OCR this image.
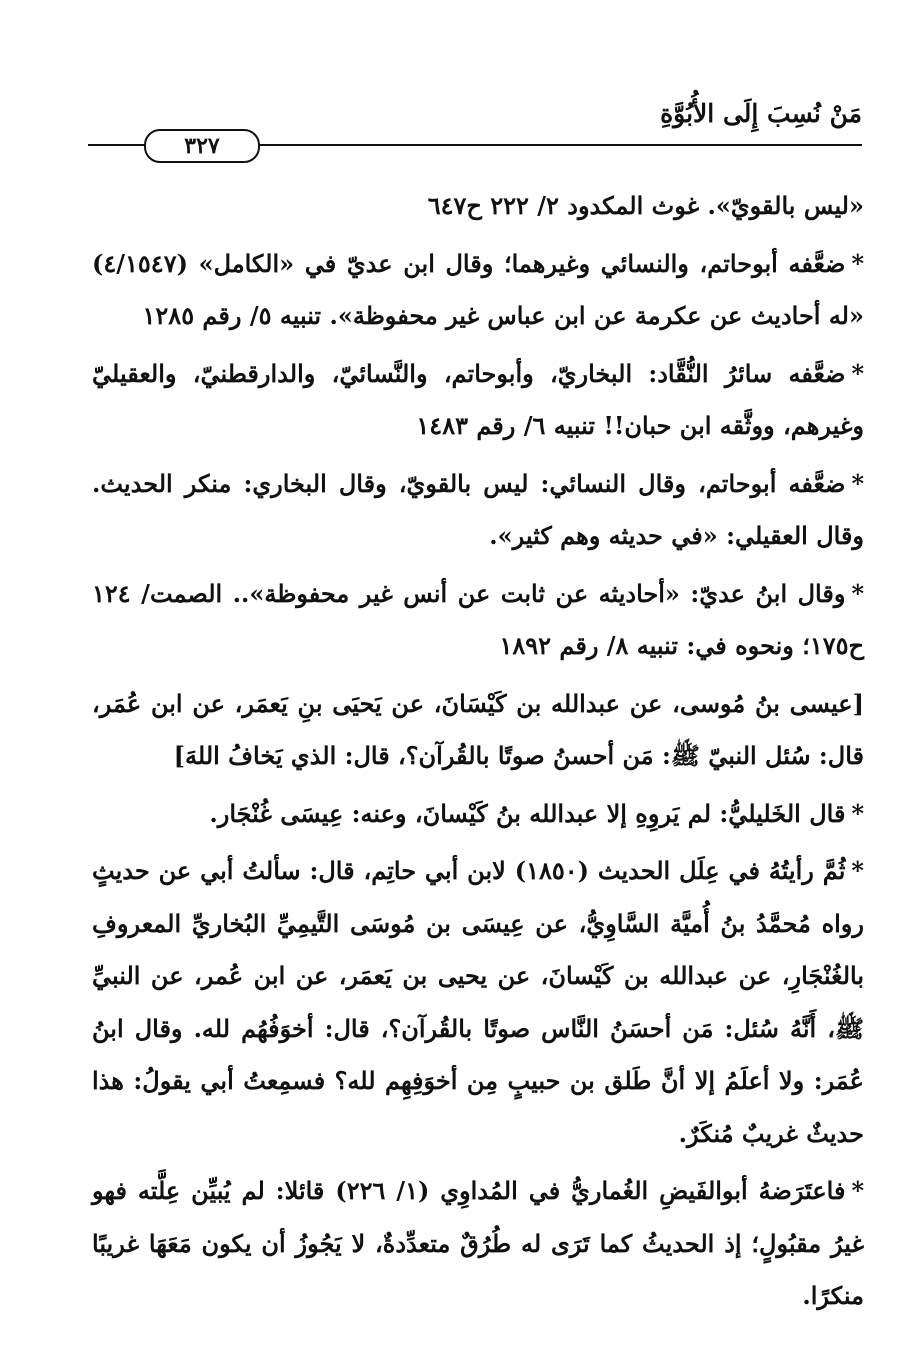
مَنْ نُسِبَ إِلَى الأُبُوَّةِ
٣٢٧

«ليس بالقويّ». غوث المكدود ٢/ ٢٢٢ ح٦٤٧

*ضعَّفه أبوحاتم، والنسائي وغيرهما؛ وقال ابن عديّ في «الكامل» (٤/١٥٤٧) «له أحاديث عن عكرمة عن ابن عباس غير محفوظة». تنبيه ٥/ رقم ١٢٨٥

*ضعَّفه سائرُ النُّقَّاد: البخاريّ، وأبوحاتم، والنَّسائيّ، والدارقطنيّ، والعقيليّ وغيرهم، ووثَّقه ابن حبان!! تنبيه ٦/ رقم ١٤٨٣

*ضعَّفه أبوحاتم، وقال النسائي: ليس بالقويّ، وقال البخاري: منكر الحديث. وقال العقيلي: «في حديثه وهم كثير».

*وقال ابنُ عديّ: «أحاديثه عن ثابت عن أنس غير محفوظة».. الصمت/ ١٢٤ ح١٧٥؛ ونحوه في: تنبيه ٨/ رقم ١٨٩٢

[عيسى بنُ مُوسى، عن عبدالله بن كَيْسَانَ، عن يَحيَى بنِ يَعمَر، عن ابن عُمَر، قال: سُئل النبيّ ﷺ: مَن أحسنُ صوتًا بالقُرآن؟، قال: الذي يَخافُ اللهَ]

*قال الخَليليُّ: لم يَروِهِ إلا عبدالله بنُ كَيْسانَ، وعنه: عِيسَى غُنْجَار.

*ثُمَّ رأيتُهُ في عِلَل الحديث (١٨٥٠) لابن أبي حاتِم، قال: سألتُ أبي عن حديثٍ رواه مُحمَّدُ بنُ أُميَّة السَّاوِيُّ، عن عِيسَى بن مُوسَى التَّيمِيِّ البُخاريِّ المعروفِ بالغُنْجَارِ، عن عبدالله بن كَيْسانَ، عن يحيى بن يَعمَر، عن ابن عُمر، عن النبيِّ ﷺ، أَنَّهُ سُئل: مَن أحسَنُ النَّاس صوتًا بالقُرآن؟، قال: أخوَفُهُم لله. وقال ابنُ عُمَر: ولا أعلَمُ إلا أنَّ طَلق بن حبيبٍ مِن أخوَفِهِم لله؟ فسمِعتُ أبي يقولُ: هذا حديثٌ غريبٌ مُنكَرٌ.

*فاعتَرَضهُ أبوالفَيضِ الغُماريُّ في المُداوِي (١/ ٢٢٦) قائلا: لم يُبيِّن عِلَّته فهو غيرُ مقبُولٍ؛ إذ الحديثُ كما تَرَى له طُرُقٌ متعدِّدةٌ، لا يَجُوزُ أن يكون مَعَهَا غريبًا منكرًا.
